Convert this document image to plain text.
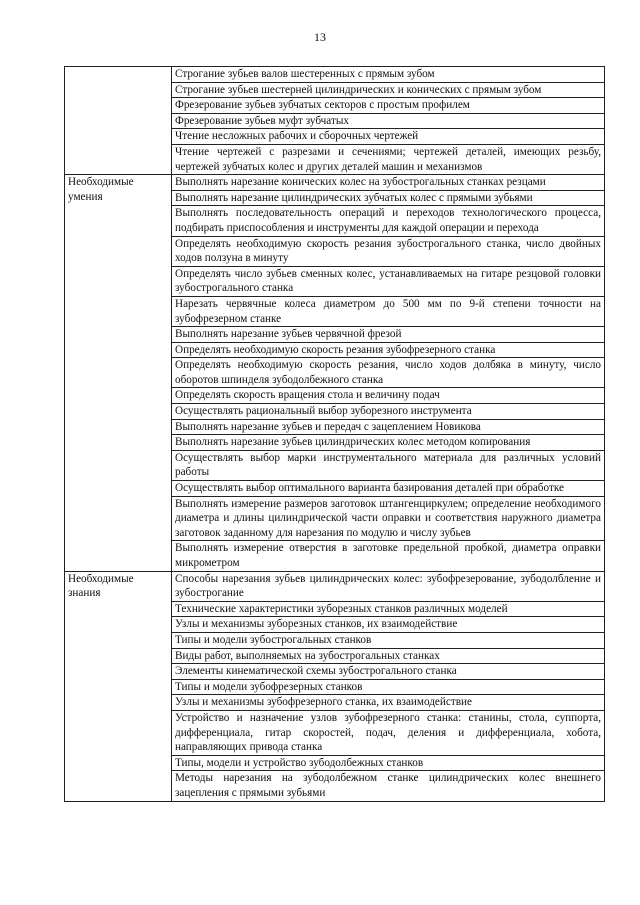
13
	Строгание зубьев валов шестеренных с прямым зубом
	Строгание зубьев шестерней цилиндрических и конических с прямым зубом
	Фрезерование зубьев зубчатых секторов с простым профилем
	Фрезерование зубьев муфт зубчатых
	Чтение несложных рабочих и сборочных чертежей
	Чтение чертежей с разрезами и сечениями; чертежей деталей, имеющих резьбу, чертежей зубчатых колес и других деталей машин и механизмов
Необходимые умения	Выполнять нарезание конических колес на зубострогальных станках резцами
	Выполнять нарезание цилиндрических зубчатых колес с прямыми зубьями
	Выполнять последовательность операций и переходов технологического процесса, подбирать приспособления и инструменты для каждой операции и перехода
	Определять необходимую скорость резания зубострогального станка, число двойных ходов ползуна в минуту
	Определять число зубьев сменных колес, устанавливаемых на гитаре резцовой головки зубострогального станка
	Нарезать червячные колеса диаметром до 500 мм по 9-й степени точности на зубофрезерном станке
	Выполнять нарезание зубьев червячной фрезой
	Определять необходимую скорость резания зубофрезерного станка
	Определять необходимую скорость резания, число ходов долбяка в минуту, число оборотов шпинделя зубодолбежного станка
	Определять скорость вращения стола и величину подач
	Осуществлять рациональный выбор зуборезного инструмента
	Выполнять нарезание зубьев и передач с зацеплением Новикова
	Выполнять нарезание зубьев цилиндрических колес методом копирования
	Осуществлять выбор марки инструментального материала для различных условий работы
	Осуществлять выбор оптимального варианта базирования деталей при обработке
	Выполнять измерение размеров заготовок штангенциркулем; определение необходимого диаметра и длины цилиндрической части оправки и соответствия наружного диаметра заготовок заданному для нарезания по модулю и числу зубьев
	Выполнять измерение отверстия в заготовке предельной пробкой, диаметра оправки микрометром
Необходимые знания	Способы нарезания зубьев цилиндрических колес: зубофрезерование, зубодолбление и зубострогание
	Технические характеристики зуборезных станков различных моделей
	Узлы и механизмы зуборезных станков, их взаимодействие
	Типы и модели зубострогальных станков
	Виды работ, выполняемых на зубострогальных станках
	Элементы кинематической схемы зубострогального станка
	Типы и модели зубофрезерных станков
	Узлы и механизмы зубофрезерного станка, их взаимодействие
	Устройство и назначение узлов зубофрезерного станка: станины, стола, суппорта, дифференциала, гитар скоростей, подач, деления и дифференциала, хобота, направляющих привода станка
	Типы, модели и устройство зубодолбежных станков
	Методы нарезания на зубодолбежном станке цилиндрических колес внешнего зацепления с прямыми зубьями
